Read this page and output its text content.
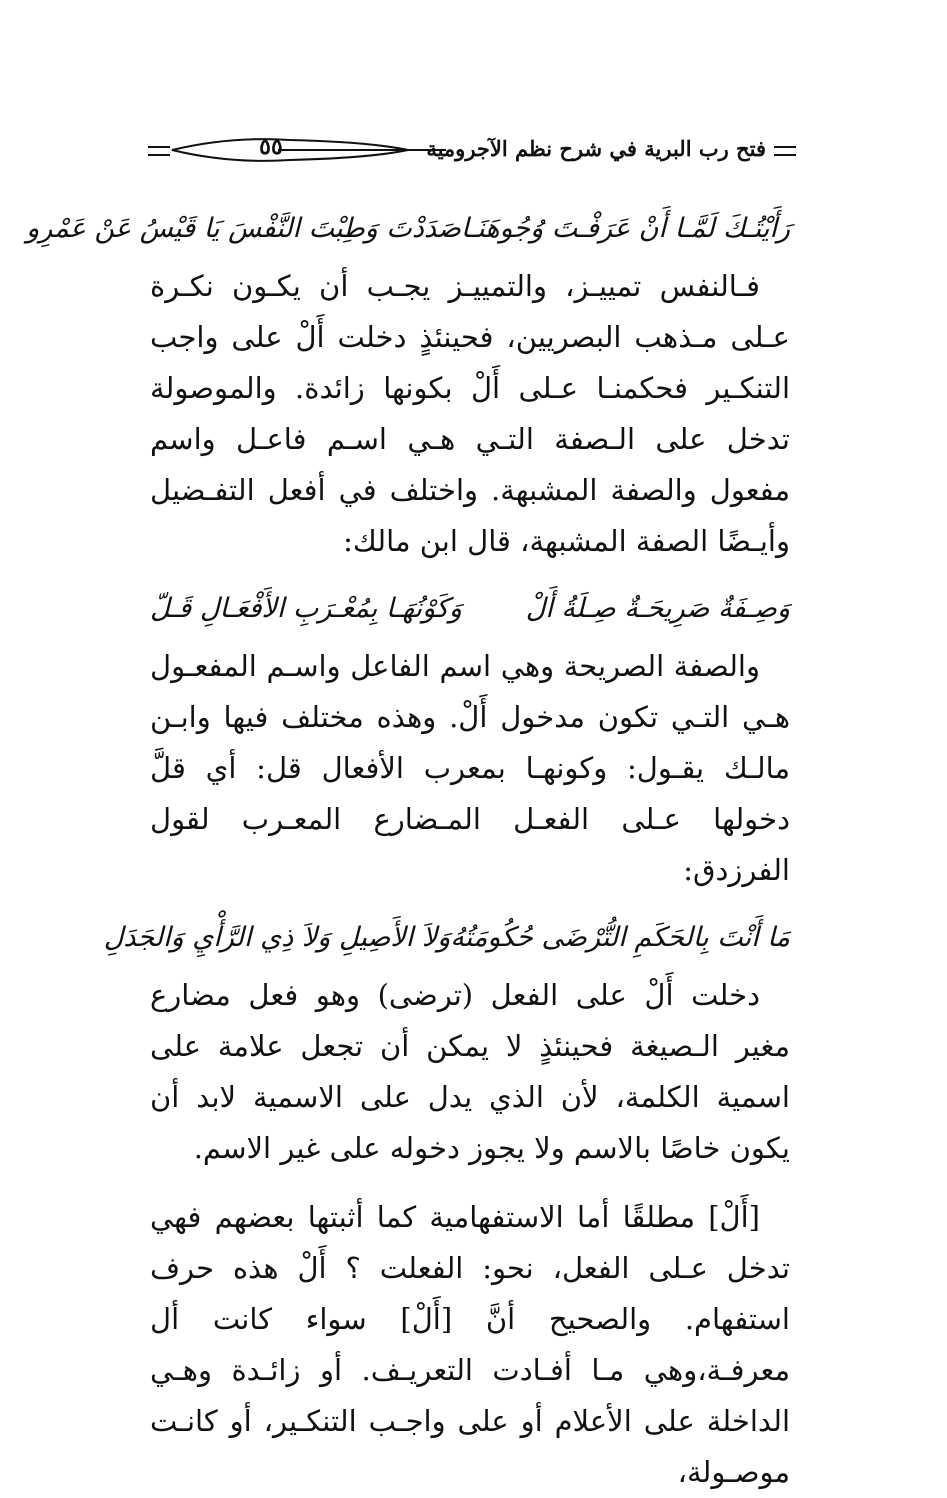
فتح رب البرية في شرح نظم الآجرومية
٥٥
رَأَيْتُـكَ لَمَّـا أَنْ عَرَفْـتَ وُجُوهَنَـا
صَدَدْتَ وَطِبْتَ النَّفْسَ يَا قَيْسُ عَنْ عَمْرِو

فـالنفس تمييـز، والتمييـز يجـب أن يكـون نكـرة عـلى مـذهب البصريين، فحينئذٍ دخلت أَلْ على واجب التنكـير فحكمنـا عـلى أَلْ بكونها زائدة. والموصولة تدخل على الـصفة التـي هـي اسـم فاعـل واسم مفعول والصفة المشبهة. واختلف في أفعل التفـضيل وأيـضًا الصفة المشبهة، قال ابن مالك:

وَصِـفَةٌ صَرِيحَـةٌ صِـلَةُ أَلْ
وَكَوْنُهَـا بِمُعْـرَبِ الأَفْعَـالِ قَـلّ

والصفة الصريحة وهي اسم الفاعل واسـم المفعـول هـي التـي تكون مدخول أَلْ. وهذه مختلف فيها وابـن مالـك يقـول: وكونهـا بمعرب الأفعال قل: أي قلَّ دخولها عـلى الفعـل المـضارع المعـرب لقول الفرزدق:

مَا أَنْتَ بِالحَكَمِ التُّرْضَى حُكُومَتُهُ
وَلاَ الأَصِيلِ وَلاَ ذِي الرَّأْيِ وَالجَدَلِ

دخلت أَلْ على الفعل (ترضى) وهو فعل مضارع مغير الـصيغة فحينئذٍ لا يمكن أن تجعل علامة على اسمية الكلمة، لأن الذي يدل على الاسمية لابد أن يكون خاصًا بالاسم ولا يجوز دخوله على غير الاسم.

[أَلْ] مطلقًا أما الاستفهامية كما أثبتها بعضهم فهي تدخل عـلى الفعل، نحو: الفعلت ؟ أَلْ هذه حرف استفهام. والصحيح أنَّ [أَلْ] سواء كانت أل معرفـة،وهي مـا أفـادت التعريـف. أو زائـدة وهـي الداخلة على الأعلام أو على واجـب التنكـير، أو كانـت موصـولة،
